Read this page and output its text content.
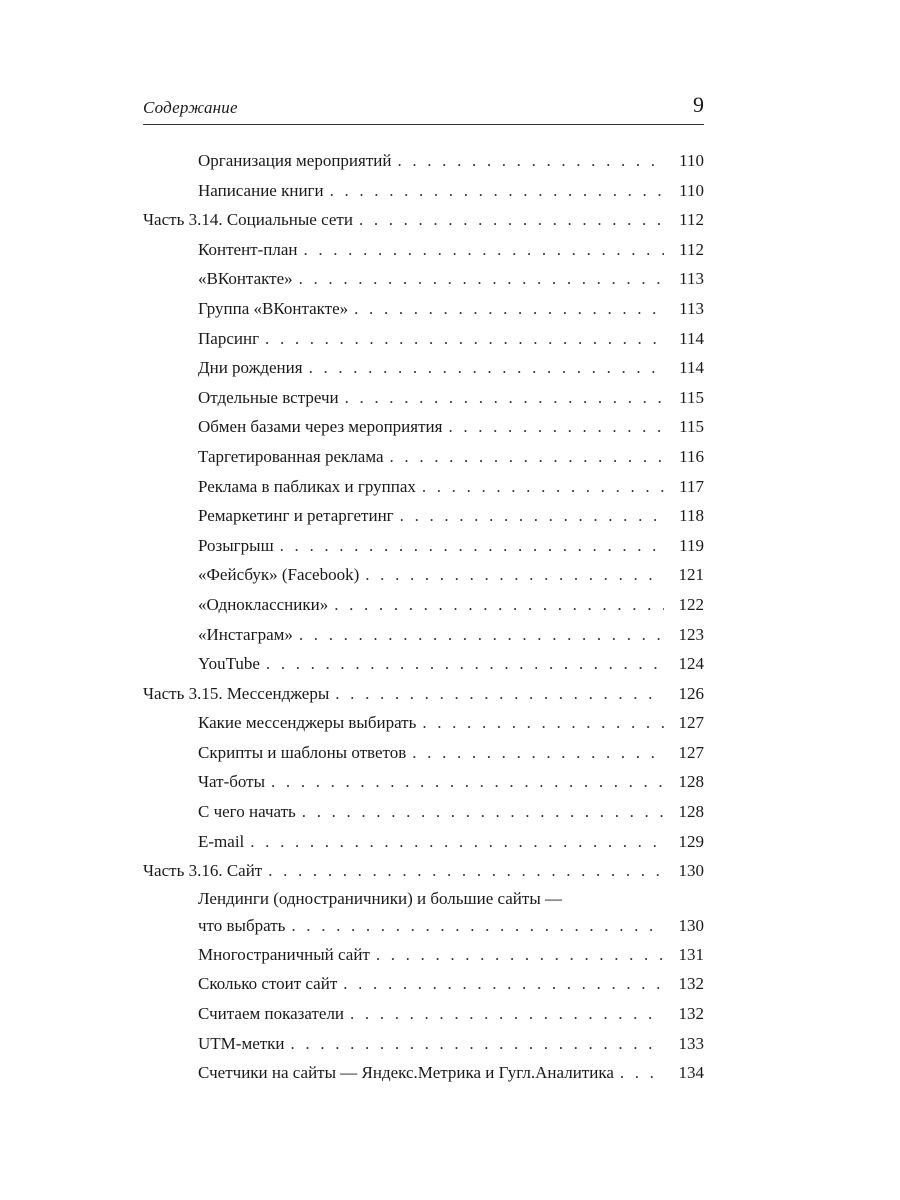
Содержание	9
Организация мероприятий . . .	110
Написание книги . . .	110
Часть 3.14. Социальные сети . . .	112
Контент-план . . .	112
«ВКонтакте» . . .	113
Группа «ВКонтакте» . . .	113
Парсинг . . .	114
Дни рождения . . .	114
Отдельные встречи . . .	115
Обмен базами через мероприятия . . .	115
Таргетированная реклама . . .	116
Реклама в пабликах и группах . . .	117
Ремаркетинг и ретаргетинг . . .	118
Розыгрыш . . .	119
«Фейсбук» (Facebook) . . .	121
«Одноклассники» . . .	122
«Инстаграм» . . .	123
YouTube . . .	124
Часть 3.15. Мессенджеры . . .	126
Какие мессенджеры выбирать . . .	127
Скрипты и шаблоны ответов . . .	127
Чат-боты . . .	128
С чего начать . . .	128
E-mail . . .	129
Часть 3.16. Сайт . . .	130
Лендинги (одностраничники) и большие сайты —
что выбрать . . .	130
Многостраничный сайт . . .	131
Сколько стоит сайт . . .	132
Считаем показатели . . .	132
UTM-метки . . .	133
Счетчики на сайты — Яндекс.Метрика и Гугл.Аналитика . . .	134
